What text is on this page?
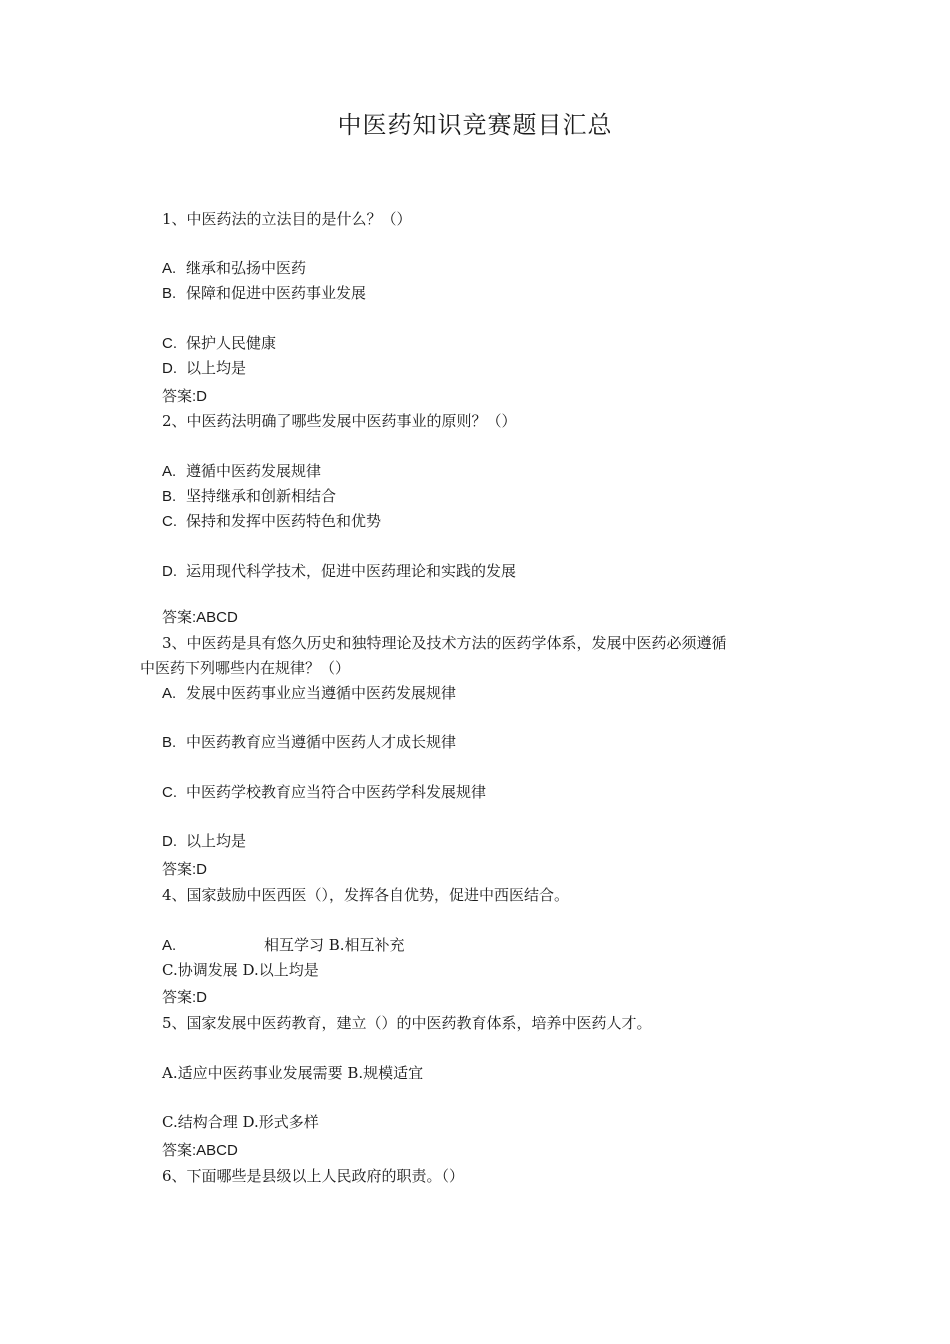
中医药知识竞赛题目汇总
1、中医药法的立法目的是什么？（）
A. 继承和弘扬中医药
B. 保障和促进中医药事业发展
C. 保护人民健康
D. 以上均是
答案:D
2、中医药法明确了哪些发展中医药事业的原则？（）
A. 遵循中医药发展规律
B. 坚持继承和创新相结合
C. 保持和发挥中医药特色和优势
D. 运用现代科学技术，促进中医药理论和实践的发展
答案:ABCD
3、中医药是具有悠久历史和独特理论及技术方法的医药学体系，发展中医药必须遵循
中医药下列哪些内在规律？（）
A. 发展中医药事业应当遵循中医药发展规律
B. 中医药教育应当遵循中医药人才成长规律
C. 中医药学校教育应当符合中医药学科发展规律
D. 以上均是
答案:D
4、国家鼓励中医西医（），发挥各自优势，促进中西医结合。
A.	相互学习 B.相互补充
C.协调发展 D.以上均是
答案:D
5、国家发展中医药教育，建立（）的中医药教育体系，培养中医药人才。
A.适应中医药事业发展需要 B.规模适宜
C.结构合理 D.形式多样
答案:ABCD
6、下面哪些是县级以上人民政府的职责。（）
